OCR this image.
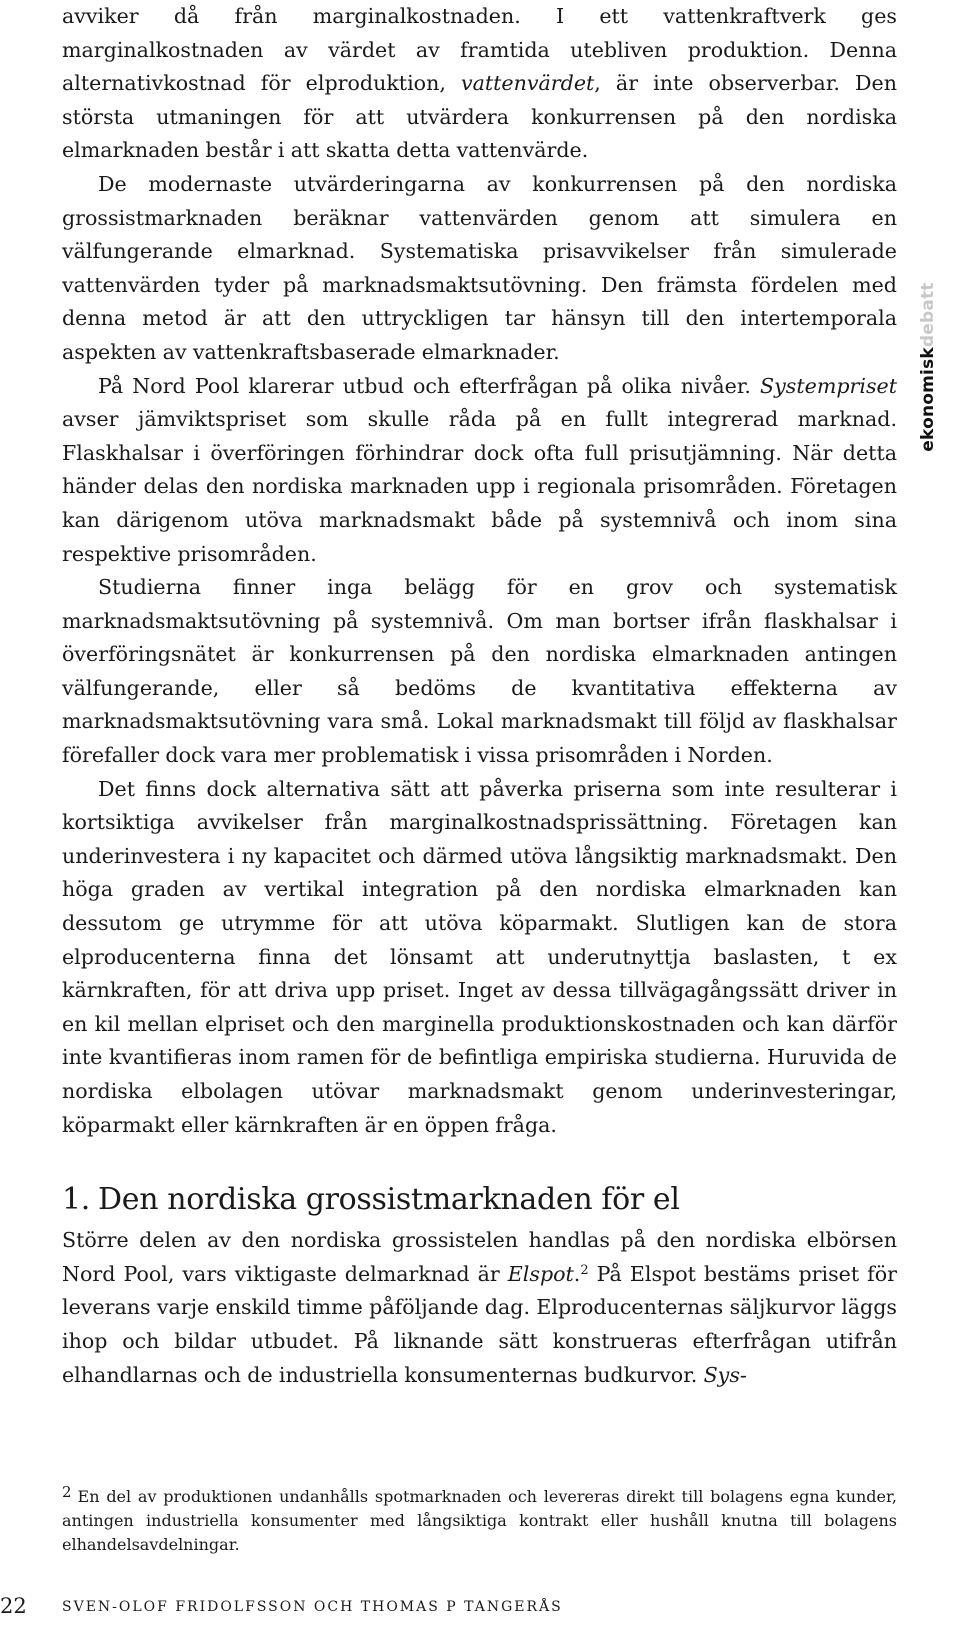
avviker då från marginalkostnaden. I ett vattenkraftverk ges marginalkostnaden av värdet av framtida utebliven produktion. Denna alternativkostnad för elproduktion, vattenvärdet, är inte observerbar. Den största utmaningen för att utvärdera konkurrensen på den nordiska elmarknaden består i att skatta detta vattenvärde.

De modernaste utvärderingarna av konkurrensen på den nordiska grossistmarknaden beräknar vattenvärden genom att simulera en välfungerande elmarknad. Systematiska prisavvikelser från simulerade vattenvärden tyder på marknadsmaktsutövning. Den främsta fördelen med denna metod är att den uttryckligen tar hänsyn till den intertemporala aspekten av vattenkraftsbaserade elmarknader.

På Nord Pool klarerar utbud och efterfrågan på olika nivåer. Systempriset avser jämviktspriset som skulle råda på en fullt integrerad marknad. Flaskhalsar i överföringen förhindrar dock ofta full prisutjämning. När detta händer delas den nordiska marknaden upp i regionala prisområden. Företagen kan därigenom utöva marknadsmakt både på systemnivå och inom sina respektive prisområden.

Studierna finner inga belägg för en grov och systematisk marknadsmaktsutövning på systemnivå. Om man bortser ifrån flaskhalsar i överföringsnätet är konkurrensen på den nordiska elmarknaden antingen välfungerande, eller så bedöms de kvantitativa effekterna av marknadsmaktsutövning vara små. Lokal marknadsmakt till följd av flaskhalsar förefaller dock vara mer problematisk i vissa prisområden i Norden.

Det finns dock alternativa sätt att påverka priserna som inte resulterar i kortsiktiga avvikelser från marginalkostnadsprissättning. Företagen kan underinvestera i ny kapacitet och därmed utöva långsiktig marknadsmakt. Den höga graden av vertikal integration på den nordiska elmarknaden kan dessutom ge utrymme för att utöva köparmakt. Slutligen kan de stora elproducenterna finna det lönsamt att underutnyttja baslasten, t ex kärnkraften, för att driva upp priset. Inget av dessa tillvägagångssätt driver in en kil mellan elpriset och den marginella produktionskostnaden och kan därför inte kvantifieras inom ramen för de befintliga empiriska studierna. Huruvida de nordiska elbolagen utövar marknadsmakt genom underinvesteringar, köparmakt eller kärnkraften är en öppen fråga.

1. Den nordiska grossistmarknaden för el

Större delen av den nordiska grossistelen handlas på den nordiska elbörsen Nord Pool, vars viktigaste delmarknad är Elspot.$^2$ På Elspot bestäms priset för leverans varje enskild timme påföljande dag. Elproducenternas säljkurvor läggs ihop och bildar utbudet. På liknande sätt konstrueras efterfrågan utifrån elhandlarnas och de industriella konsumenternas budkurvor. Sys-

2 En del av produktionen undanhålls spotmarknaden och levereras direkt till bolagens egna kunder, antingen industriella konsumenter med långsiktiga kontrakt eller hushåll knutna till bolagens elhandelsavdelningar.

ekonomiskdebatt
22	SVEN-OLOF FRIDOLFSSON OCH THOMAS P TANGERÅS
